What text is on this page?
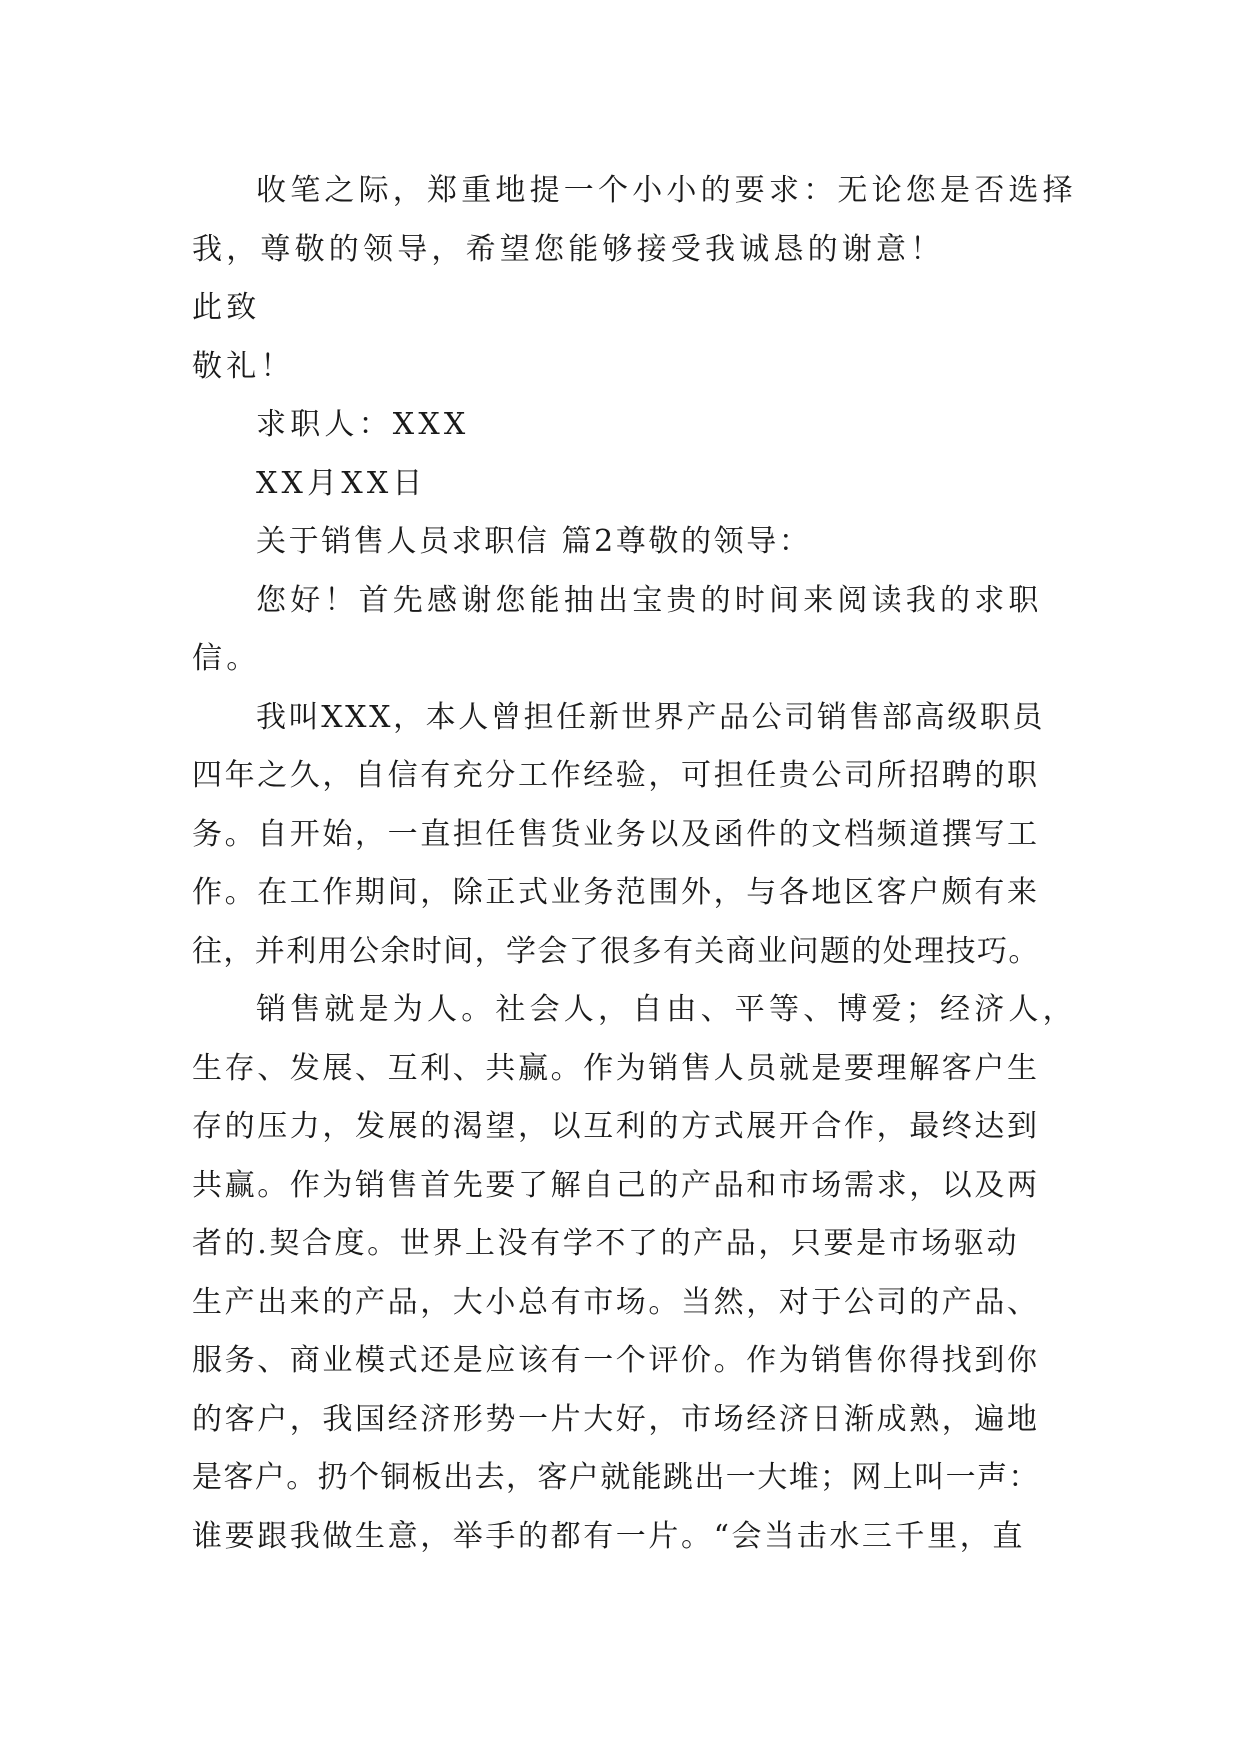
收笔之际，郑重地提一个小小的要求：无论您是否选择
我，尊敬的领导，希望您能够接受我诚恳的谢意！
此致
敬礼！
求职人：XXX
XX月XX日
关于销售人员求职信 篇2尊敬的领导：
您好！首先感谢您能抽出宝贵的时间来阅读我的求职
信。
我叫XXX，本人曾担任新世界产品公司销售部高级职员
四年之久，自信有充分工作经验，可担任贵公司所招聘的职
务。自开始，一直担任售货业务以及函件的文档频道撰写工
作。在工作期间，除正式业务范围外，与各地区客户颇有来
往，并利用公余时间，学会了很多有关商业问题的处理技巧。
销售就是为人。社会人，自由、平等、博爱；经济人，
生存、发展、互利、共赢。作为销售人员就是要理解客户生
存的压力，发展的渴望，以互利的方式展开合作，最终达到
共赢。作为销售首先要了解自己的产品和市场需求，以及两
者的.契合度。世界上没有学不了的产品，只要是市场驱动
生产出来的产品，大小总有市场。当然，对于公司的产品、
服务、商业模式还是应该有一个评价。作为销售你得找到你
的客户，我国经济形势一片大好，市场经济日渐成熟，遍地
是客户。扔个铜板出去，客户就能跳出一大堆；网上叫一声：
谁要跟我做生意，举手的都有一片。“会当击水三千里，直
